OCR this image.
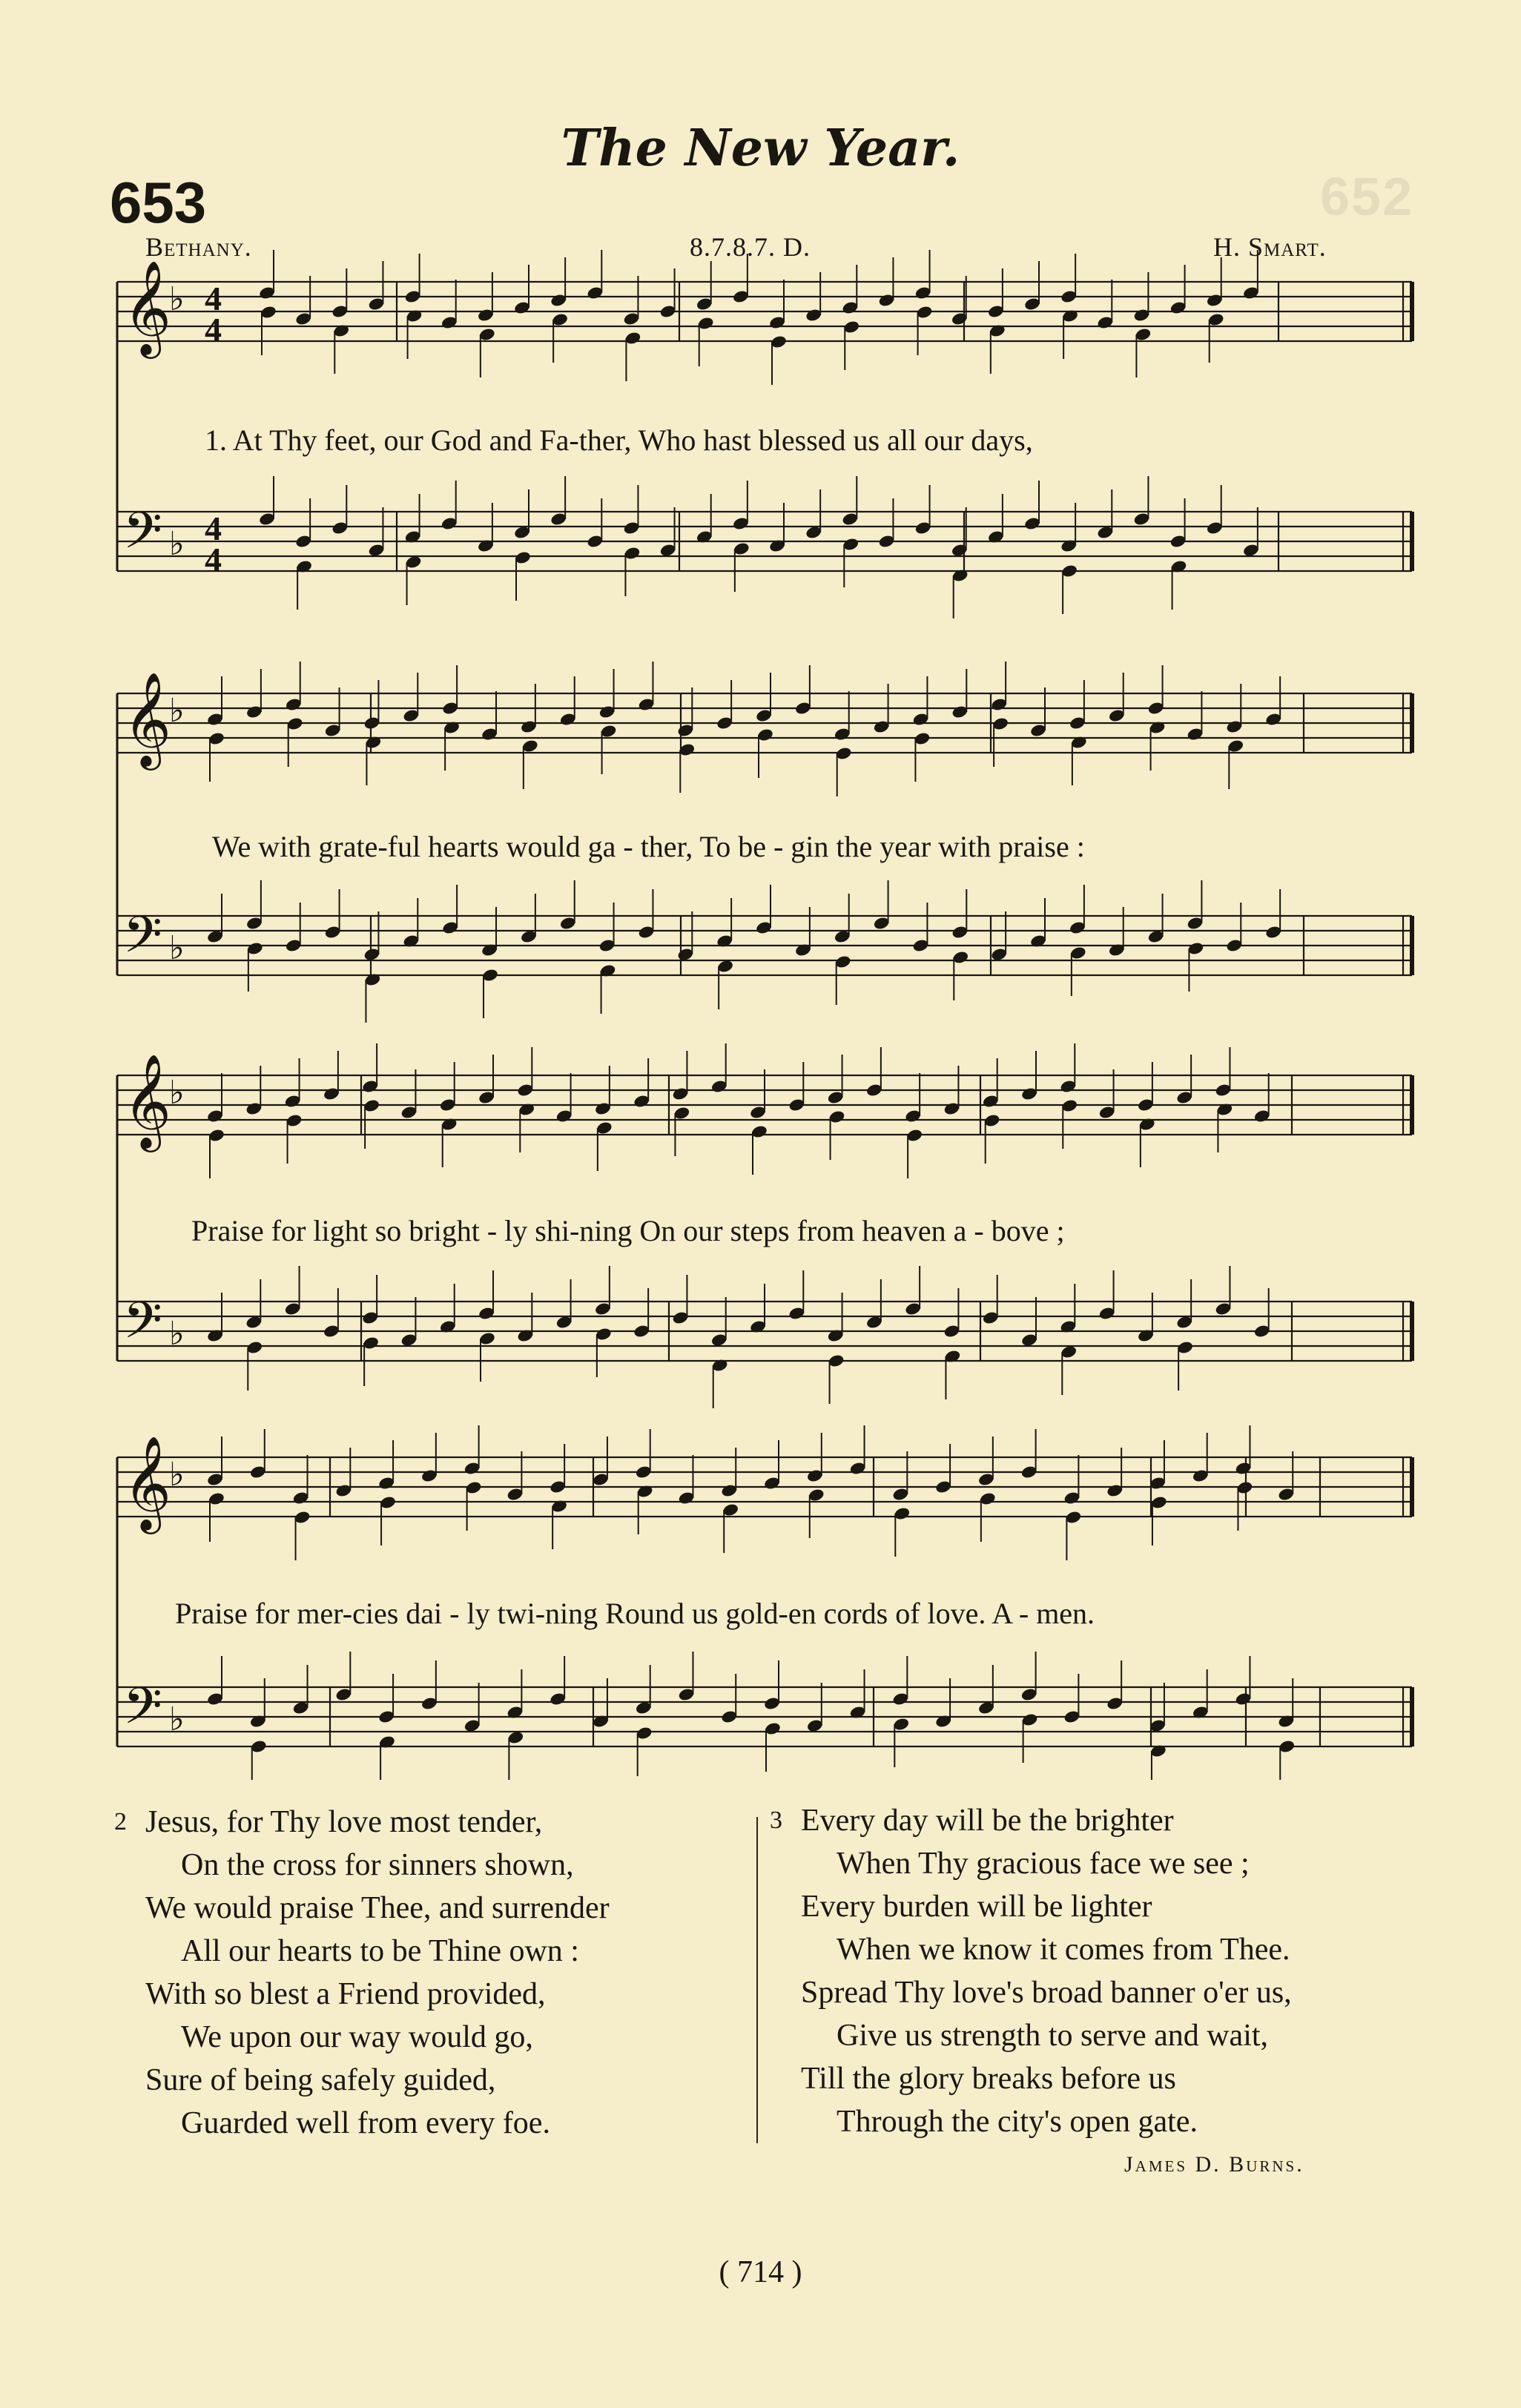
652
The New Year.
653
Bethany.	8.7.8.7. D.	H. Smart.
𝄞
♭ 4
4
𝄢 ♭ 4
4
𝄞
♭
𝄢 ♭
𝄞
♭
𝄢 ♭
𝄞
♭
𝄢 ♭
1. At Thy feet, our God and Fa-ther, Who hast blessed us all our days,
We with grate-ful hearts would ga - ther, To be - gin the year with praise :
Praise for light so bright - ly shi-ning On our steps from heaven a - bove ;
Praise for mer-cies dai - ly twi-ning Round us gold-en cords of love. A - men.
2 Jesus, for Thy love most tender,
On the cross for sinners shown,
We would praise Thee, and surrender
All our hearts to be Thine own :
With so blest a Friend provided,
We upon our way would go,
Sure of being safely guided,
Guarded well from every foe.
3 Every day will be the brighter
When Thy gracious face we see ;
Every burden will be lighter
When we know it comes from Thee.
Spread Thy love's broad banner o'er us,
Give us strength to serve and wait,
Till the glory breaks before us
Through the city's open gate.
James D. Burns.
( 714 )
